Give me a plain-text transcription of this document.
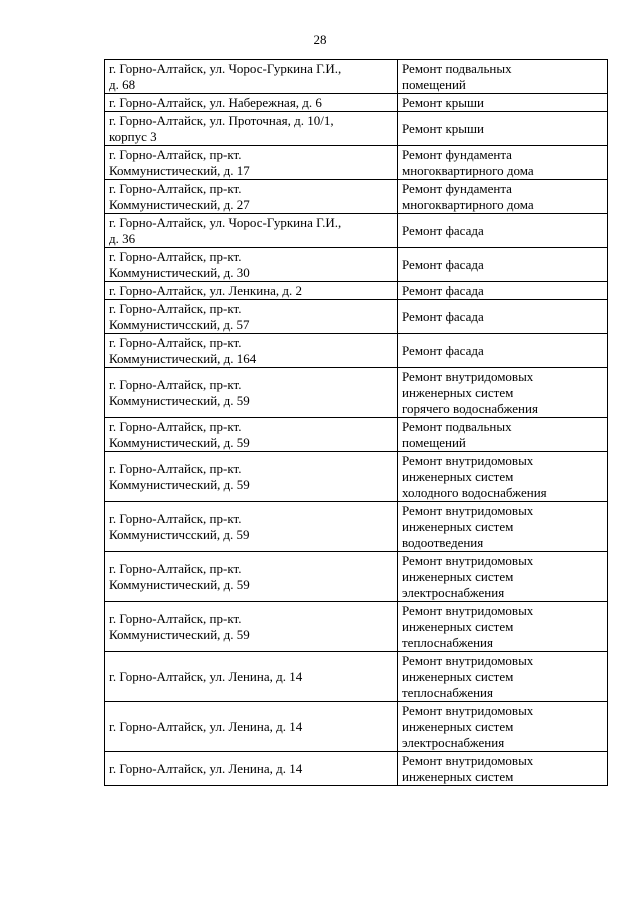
28
г. Горно-Алтайск, ул. Чорос-Гуркина Г.И.,
д. 68	Ремонт подвальных
помещений

г. Горно-Алтайск, ул. Набережная, д. 6	Ремонт крыши

г. Горно-Алтайск, ул. Проточная, д. 10/1,
корпус 3	Ремонт крыши

г. Горно-Алтайск, пр-кт.
Коммунистический, д. 17	Ремонт фундамента
многоквартирного дома

г. Горно-Алтайск, пр-кт.
Коммунистический, д. 27	Ремонт фундамента
многоквартирного дома

г. Горно-Алтайск, ул. Чорос-Гуркина Г.И.,
д. 36	Ремонт фасада

г. Горно-Алтайск, пр-кт.
Коммунистический, д. 30	Ремонт фасада

г. Горно-Алтайск, ул. Ленкина, д. 2	Ремонт фасада

г. Горно-Алтайск, пр-кт.
Коммунистичсский, д. 57	Ремонт фасада

г. Горно-Алтайск, пр-кт.
Коммунистический, д. 164	Ремонт фасада

г. Горно-Алтайск, пр-кт.
Коммунистический, д. 59	Ремонт внутридомовых
инженерных систем
горячего водоснабжения

г. Горно-Алтайск, пр-кт.
Коммунистический, д. 59	Ремонт подвальных
помещений

г. Горно-Алтайск, пр-кт.
Коммунистический, д. 59	Ремонт внутридомовых
инженерных систем
холодного водоснабжения

г. Горно-Алтайск, пр-кт.
Коммунистичсский, д. 59	Ремонт внутридомовых
инженерных систем
водоотведения

г. Горно-Алтайск, пр-кт.
Коммунистический, д. 59	Ремонт внутридомовых
инженерных систем
электроснабжения

г. Горно-Алтайск, пр-кт.
Коммунистический, д. 59	Ремонт внутридомовых
инженерных систем
теплоснабжения

г. Горно-Алтайск, ул. Ленина, д. 14	Ремонт внутридомовых
инженерных систем
теплоснабжения

г. Горно-Алтайск, ул. Ленина, д. 14	Ремонт внутридомовых
инженерных систем
электроснабжения

г. Горно-Алтайск, ул. Ленина, д. 14	Ремонт внутридомовых
инженерных систем
